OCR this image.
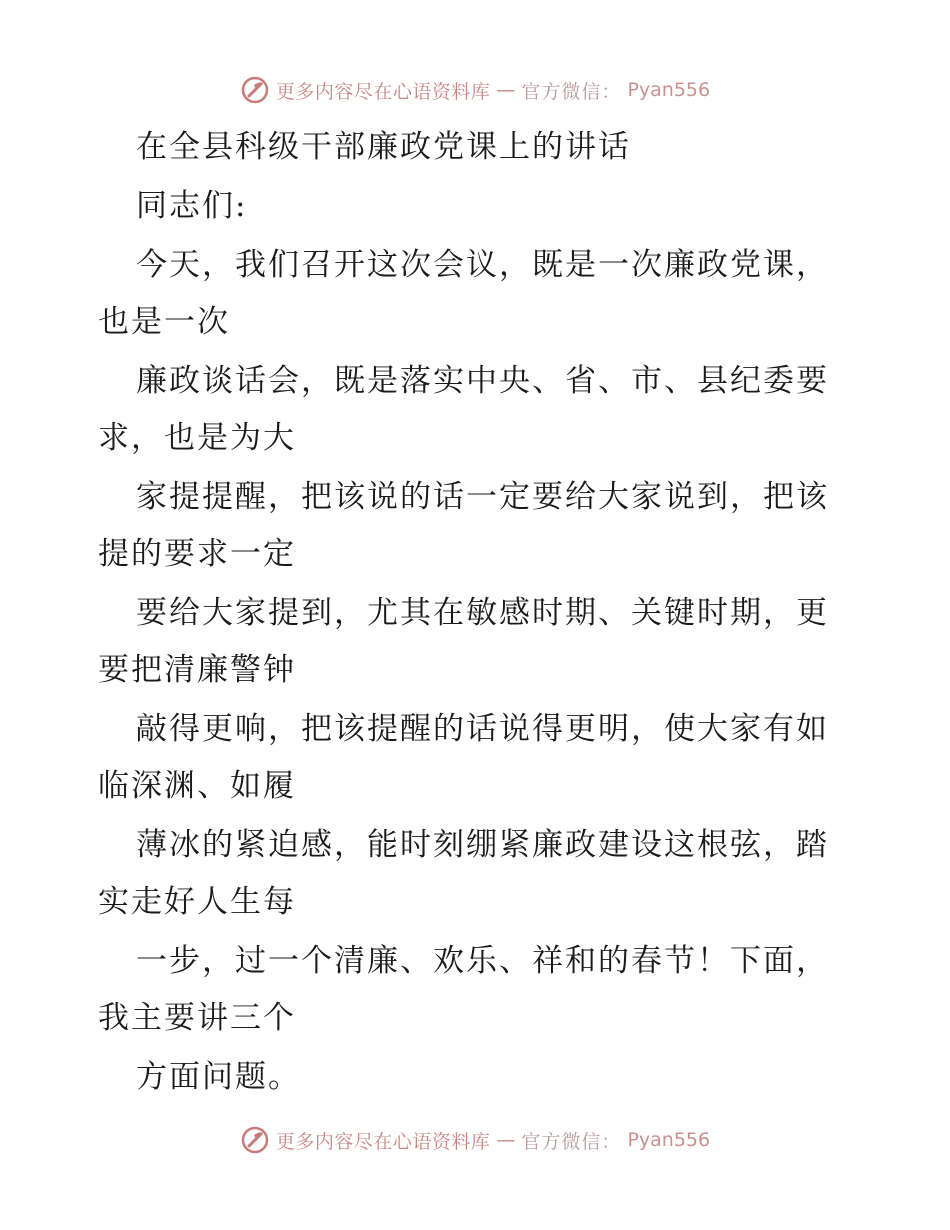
更多内容尽在心语资料库 — 官方微信： Pyan556
在全县科级干部廉政党课上的讲话
同志们:
今天，我们召开这次会议，既是一次廉政党课，
也是一次
廉政谈话会，既是落实中央、省、市、县纪委要
求，也是为大
家提提醒，把该说的话一定要给大家说到，把该
提的要求一定
要给大家提到，尤其在敏感时期、关键时期，更
要把清廉警钟
敲得更响，把该提醒的话说得更明，使大家有如
临深渊、如履
薄冰的紧迫感，能时刻绷紧廉政建设这根弦，踏
实走好人生每
一步，过一个清廉、欢乐、祥和的春节！下面，
我主要讲三个
方面问题。
更多内容尽在心语资料库 — 官方微信： Pyan556
